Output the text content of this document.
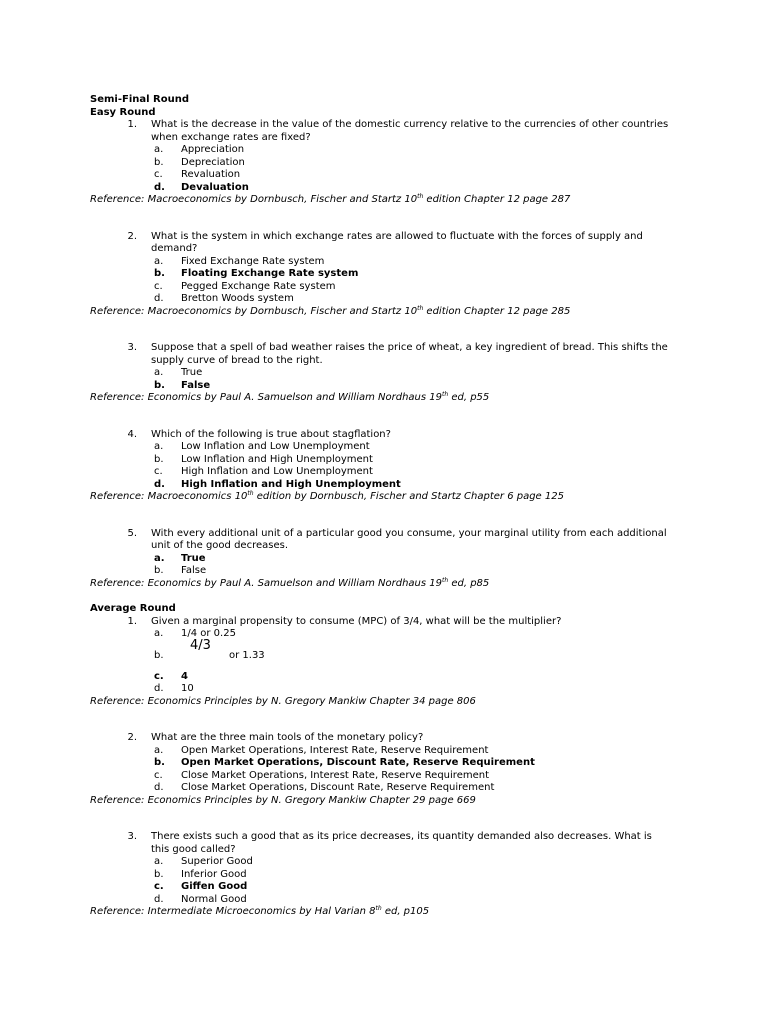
Semi-Final Round
Easy Round
1. What is the decrease in the value of the domestic currency relative to the currencies of other countries when exchange rates are fixed?
a.	Appreciation
b.	Depreciation
c.	Revaluation
d.	Devaluation
Reference: Macroeconomics by Dornbusch, Fischer and Startz 10th edition Chapter 12 page 287
2. What is the system in which exchange rates are allowed to fluctuate with the forces of supply and demand?
a.	Fixed Exchange Rate system
b.	Floating Exchange Rate system
c.	Pegged Exchange Rate system
d.	Bretton Woods system
Reference: Macroeconomics by Dornbusch, Fischer and Startz 10th edition Chapter 12 page 285
3. Suppose that a spell of bad weather raises the price of wheat, a key ingredient of bread. This shifts the supply curve of bread to the right.
a.	True
b.	False
Reference: Economics by Paul A. Samuelson and William Nordhaus 19th ed, p55
4. Which of the following is true about stagflation?
a.	Low Inflation and Low Unemployment
b.	Low Inflation and High Unemployment
c.	High Inflation and Low Unemployment
d.	High Inflation and High Unemployment
Reference: Macroeconomics 10th edition by Dornbusch, Fischer and Startz Chapter 6 page 125
5. With every additional unit of a particular good you consume, your marginal utility from each additional unit of the good decreases.
a.	True
b.	False
Reference: Economics by Paul A. Samuelson and William Nordhaus 19th ed, p85
Average Round
1. Given a marginal propensity to consume (MPC) of 3/4, what will be the multiplier?
a.	1/4 or 0.25
b.
4/3
or 1.33
c.	4
d.	10
Reference: Economics Principles by N. Gregory Mankiw Chapter 34 page 806
2. What are the three main tools of the monetary policy?
a.	Open Market Operations, Interest Rate, Reserve Requirement
b.	Open Market Operations, Discount Rate, Reserve Requirement
c.	Close Market Operations, Interest Rate, Reserve Requirement
d.	Close Market Operations, Discount Rate, Reserve Requirement
Reference: Economics Principles by N. Gregory Mankiw Chapter 29 page 669
3. There exists such a good that as its price decreases, its quantity demanded also decreases. What is this good called?
a.	Superior Good
b.	Inferior Good
c.	Giffen Good
d.	Normal Good
Reference: Intermediate Microeconomics by Hal Varian 8th ed, p105
